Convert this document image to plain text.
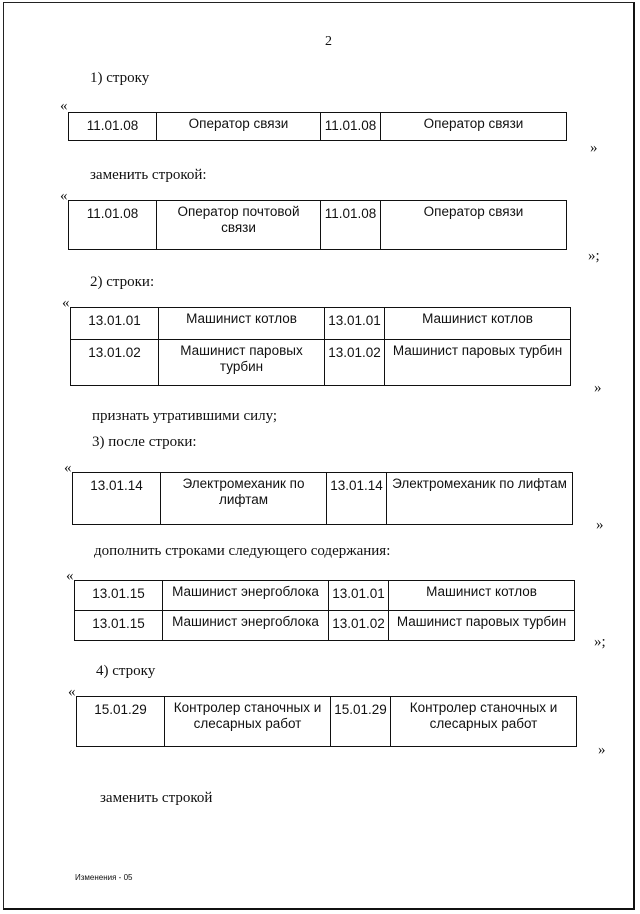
2
1) строку
«
11.01.08	Оператор связи	11.01.08	Оператор связи
»
заменить строкой:
«
11.01.08	Оператор почтовой связи	11.01.08	Оператор связи
»;
2) строки:
«
13.01.01	Машинист котлов	13.01.01	Машинист котлов
13.01.02	Машинист паровых турбин	13.01.02	Машинист паровых турбин
»
признать утратившими силу;
3) после строки:
«
13.01.14	Электромеханик по лифтам	13.01.14	Электромеханик по лифтам
»
дополнить строками следующего содержания:
«
13.01.15	Машинист энергоблока	13.01.01	Машинист котлов
13.01.15	Машинист энергоблока	13.01.02	Машинист паровых турбин
»;
4) строку
«
15.01.29	Контролер станочных и слесарных работ	15.01.29	Контролер станочных и слесарных работ
»
заменить строкой
Изменения - 05
